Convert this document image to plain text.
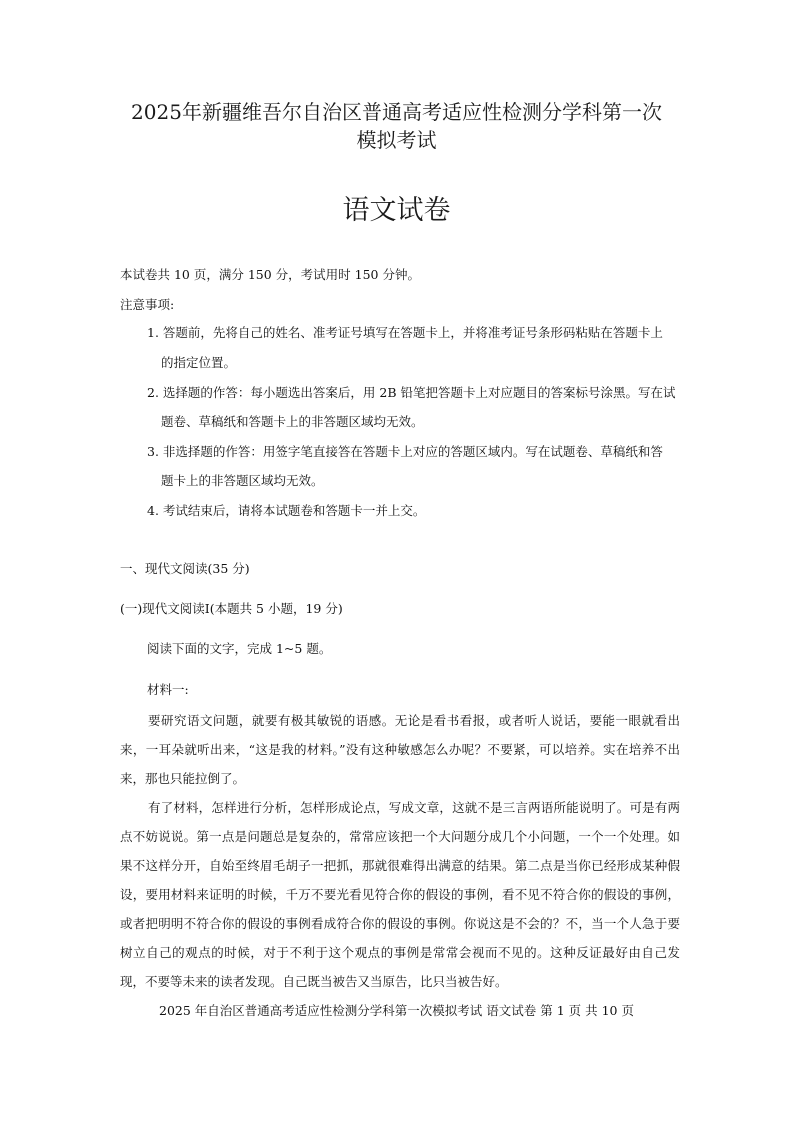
2025年新疆维吾尔自治区普通高考适应性检测分学科第一次
模拟考试
语文试卷
本试卷共 10 页，满分 150 分，考试用时 150 分钟。
注意事项:
1. 答题前，先将自己的姓名、准考证号填写在答题卡上，并将准考证号条形码粘贴在答题卡上
的指定位置。
2. 选择题的作答：每小题选出答案后，用 2B 铅笔把答题卡上对应题目的答案标号涂黑。写在试
题卷、草稿纸和答题卡上的非答题区域均无效。
3. 非选择题的作答：用签字笔直接答在答题卡上对应的答题区域内。写在试题卷、草稿纸和答
题卡上的非答题区域均无效。
4. 考试结束后，请将本试题卷和答题卡一并上交。
一、现代文阅读(35 分)
(一)现代文阅读Ⅰ(本题共 5 小题，19 分)
阅读下面的文字，完成 1~5 题。
材料一:

要研究语文问题，就要有极其敏锐的语感。无论是看书看报，或者听人说话，要能一眼就看出来，一耳朵就听出来，“这是我的材料。”没有这种敏感怎么办呢？不要紧，可以培养。实在培养不出来，那也只能拉倒了。

有了材料，怎样进行分析，怎样形成论点，写成文章，这就不是三言两语所能说明了。可是有两点不妨说说。第一点是问题总是复杂的，常常应该把一个大问题分成几个小问题，一个一个处理。如果不这样分开，自始至终眉毛胡子一把抓，那就很难得出满意的结果。第二点是当你已经形成某种假设，要用材料来证明的时候，千万不要光看见符合你的假设的事例，看不见不符合你的假设的事例，或者把明明不符合你的假设的事例看成符合你的假设的事例。你说这是不会的？不，当一个人急于要树立自己的观点的时候，对于不利于这个观点的事例是常常会视而不见的。这种反证最好由自己发现，不要等未来的读者发现。自己既当被告又当原告，比只当被告好。

2025 年自治区普通高考适应性检测分学科第一次模拟考试 语文试卷 第 1 页 共 10 页
